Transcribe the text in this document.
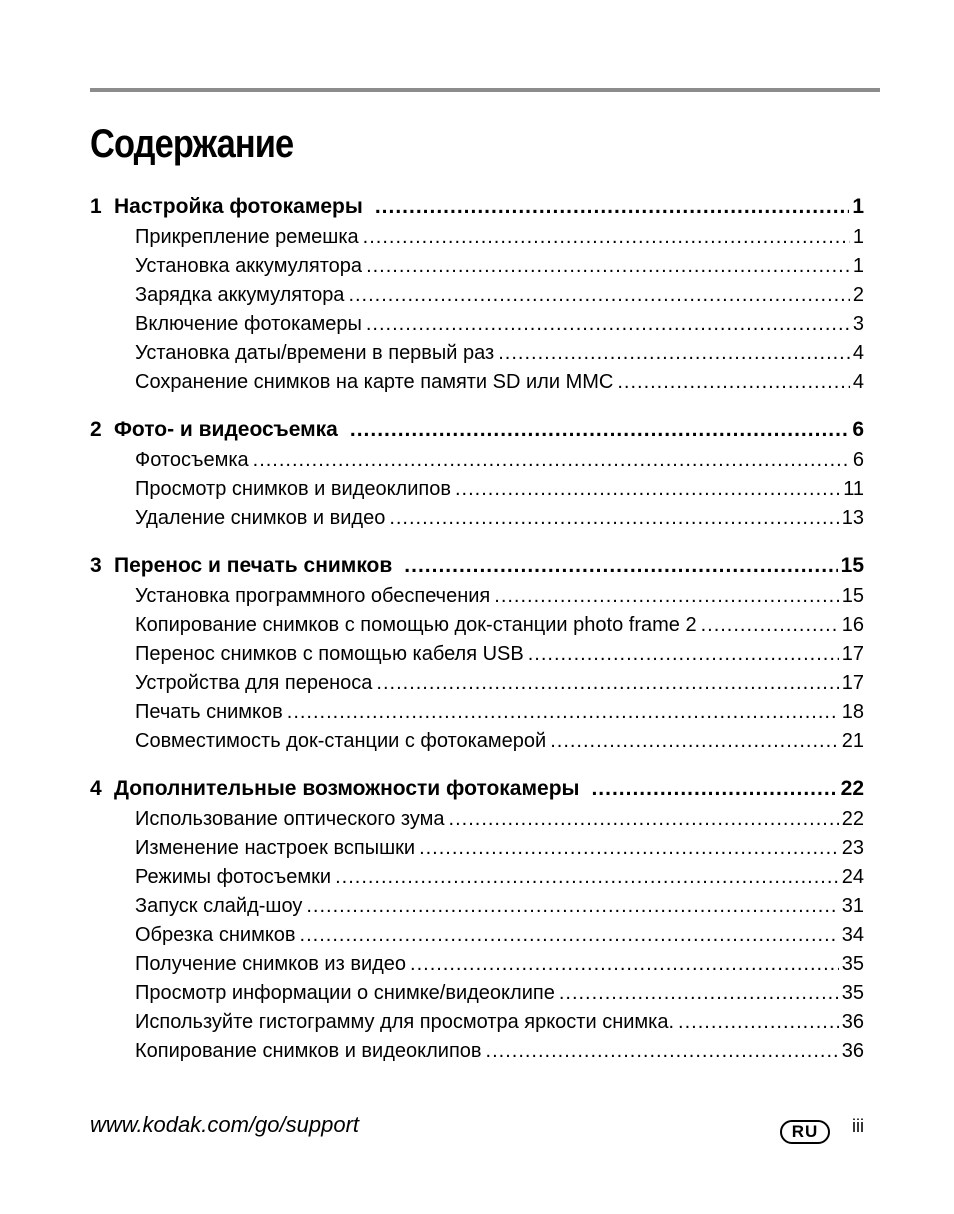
Содержание
1 Настройка фотокамеры .....	1
Прикрепление ремешка .....	1
Установка аккумулятора .....	1
Зарядка аккумулятора .....	2
Включение фотокамеры .....	3
Установка даты/времени в первый раз .....	4
Сохранение снимков на карте памяти SD или MMC .....	4
2 Фото- и видеосъемка .....	6
Фотосъемка .....	6
Просмотр снимков и видеоклипов .....	11
Удаление снимков и видео .....	13
3 Перенос и печать снимков .....	15
Установка программного обеспечения .....	15
Копирование снимков с помощью док-станции photo frame 2 .....	16
Перенос снимков с помощью кабеля USB .....	17
Устройства для переноса .....	17
Печать снимков .....	18
Совместимость док-станции с фотокамерой .....	21
4 Дополнительные возможности фотокамеры .....	22
Использование оптического зума .....	22
Изменение настроек вспышки .....	23
Режимы фотосъемки .....	24
Запуск слайд-шоу .....	31
Обрезка снимков .....	34
Получение снимков из видео .....	35
Просмотр информации о снимке/видеоклипе .....	35
Используйте гистограмму для просмотра яркости снимка. .....	36
Копирование снимков и видеоклипов .....	36
www.kodak.com/go/support	RU	iii
